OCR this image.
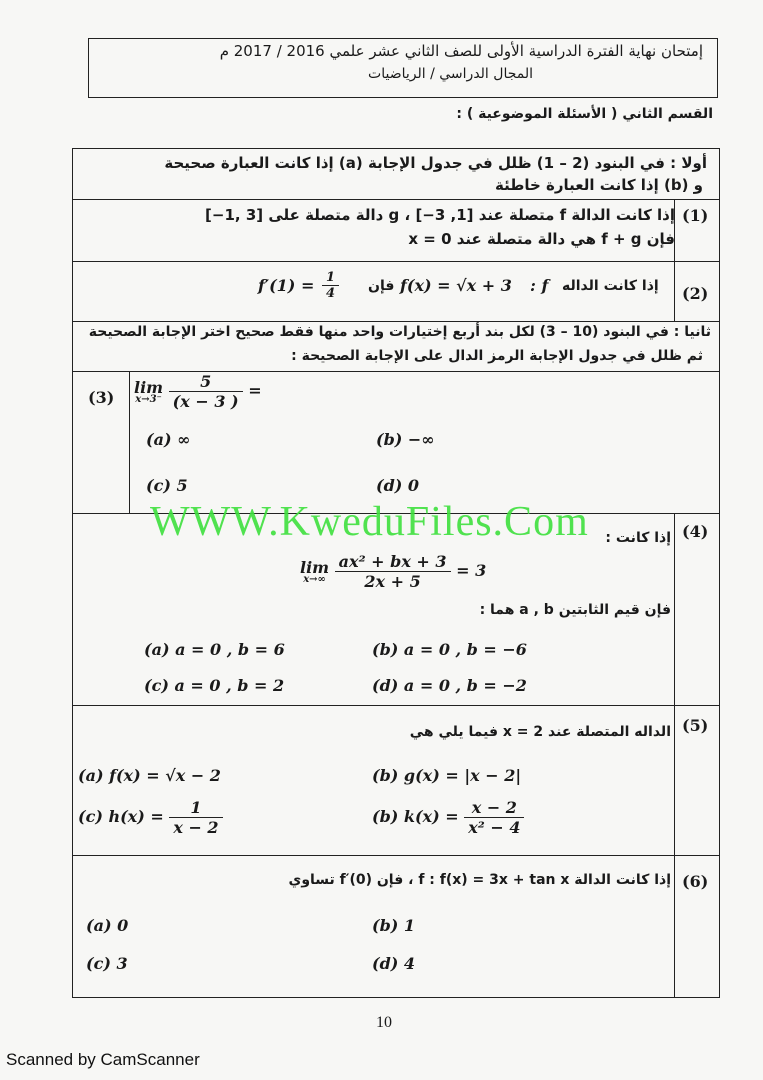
إمتحان نهاية الفترة الدراسية الأولى للصف الثاني عشر علمي 2016 / 2017 م
المجال الدراسي / الرياضيات
القسم الثاني ( الأسئلة الموضوعية ) :
أولا : في البنود (2 – 1) ظلل في جدول الإجابة (a) إذا كانت العبارة صحيحة
و (b) إذا كانت العبارة خاطئة
(1)
إذا كانت الدالة f متصلة عند [1, 3−] ، g دالة متصلة على [3 ,1−]
فإن f + g هي دالة متصلة عند x = 0
(2)
$f'(1) = \frac{1}{4}$ فإن f(x) = √x + 3 : f إذا كانت الداله
ثانيا : في البنود (10 – 3) لكل بند أربع إختيارات واحد منها فقط صحيح اختر الإجابة الصحيحة
ثم ظلل في جدول الإجابة الرمز الدال على الإجابة الصحيحة :
(3)
lim
x→3⁻
$\frac{5}{(x - 3 )}$ =
(a) ∞	(b) −∞
(c) 5	(d) 0
(4)
إذا كانت :
lim
x→∞
$\frac{\text{ax² + bx + 3}}{2x + 5} = 3$
فإن قيم الثابتين a , b هما :
(a) a = 0 , b = 6	(b) a = 0 , b = −6
(c) a = 0 , b = 2	(d) a = 0 , b = −2
(5)
الداله المتصلة عند x = 2 فيما يلي هي
(a) f(x) = √x − 2	(b) g(x) = |x − 2|
(c) $h(x) = \frac{1}{x - 2}$	(b) $k(x) = \frac{x - 2}{\text{x² − 4}}$
(6)
إذا كانت الدالة f : f(x) = 3x + tan x ، فإن f′(0) تساوي
(a) 0	(b) 1
(c) 3	(d) 4
WWW.KweduFiles.Com
10
Scanned by CamScanner
